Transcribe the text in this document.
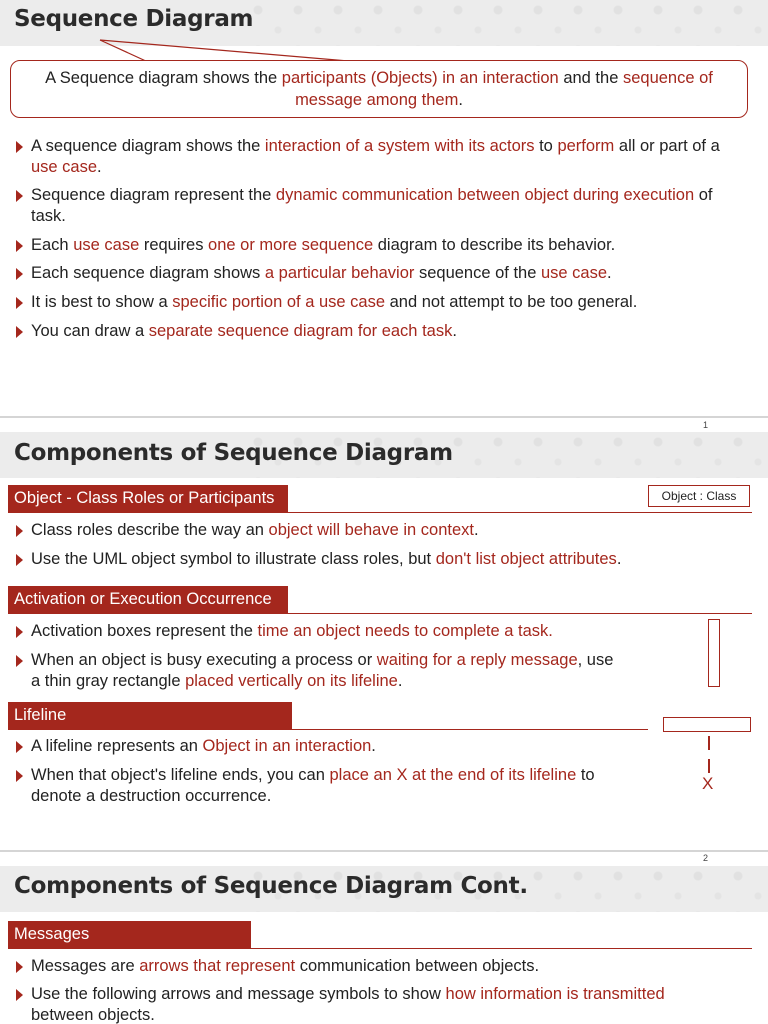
Sequence Diagram
A Sequence diagram shows the participants (Objects) in an interaction and the sequence of
message among them.
A sequence diagram shows the interaction of a system with its actors to perform all or part of a
use case.
Sequence diagram represent the dynamic communication between object during execution of
task.
Each use case requires one or more sequence diagram to describe its behavior.
Each sequence diagram shows a particular behavior sequence of the use case.
It is best to show a specific portion of a use case and not attempt to be too general.
You can draw a separate sequence diagram for each task.
1
Components of Sequence Diagram
Object - Class Roles or Participants	Object : Class
Class roles describe the way an object will behave in context.
Use the UML object symbol to illustrate class roles, but don't list object attributes.
Activation or Execution Occurrence
Activation boxes represent the time an object needs to complete a task.
When an object is busy executing a process or waiting for a reply message, use
a thin gray rectangle placed vertically on its lifeline.
Lifeline
A lifeline represents an Object in an interaction.
When that object's lifeline ends, you can place an X at the end of its lifeline to
denote a destruction occurrence.
X
2
Components of Sequence Diagram Cont.
Messages
Messages are arrows that represent communication between objects.
Use the following arrows and message symbols to show how information is transmitted
between objects.
